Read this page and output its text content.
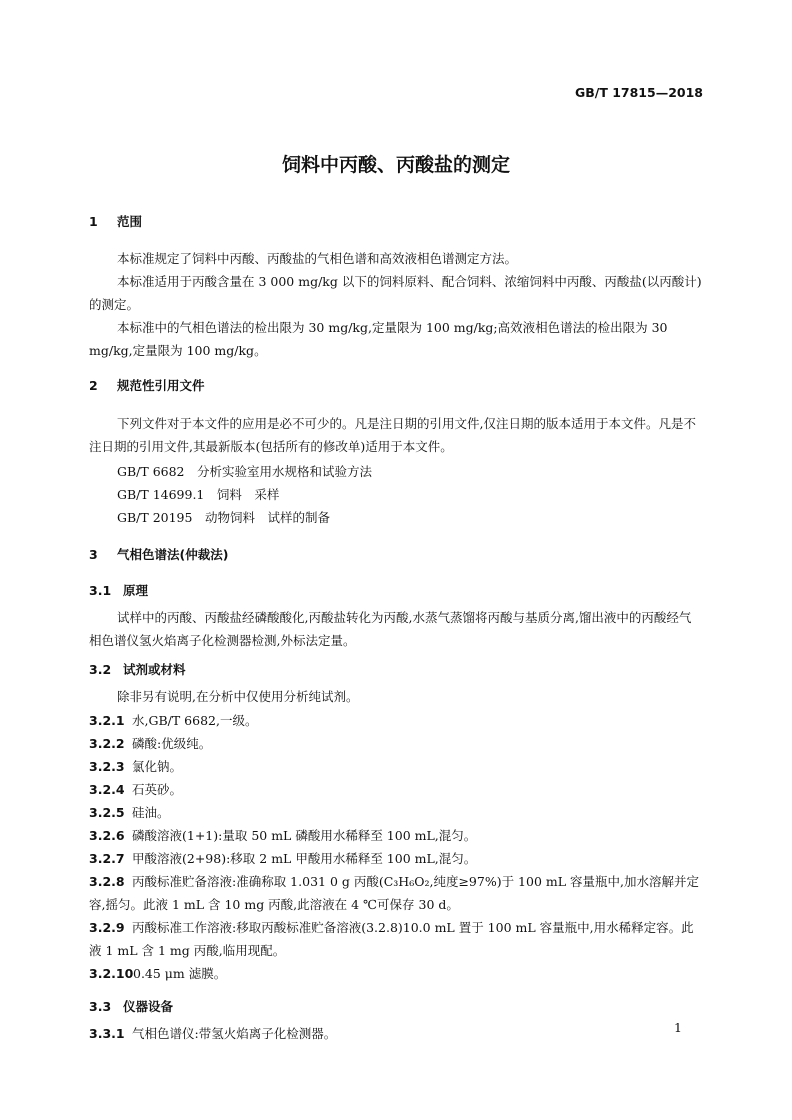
GB/T 17815—2018
饲料中丙酸、丙酸盐的测定
1 范围
本标准规定了饲料中丙酸、丙酸盐的气相色谱和高效液相色谱测定方法。
本标准适用于丙酸含量在 3 000 mg/kg 以下的饲料原料、配合饲料、浓缩饲料中丙酸、丙酸盐(以丙酸计)的测定。
本标准中的气相色谱法的检出限为 30 mg/kg,定量限为 100 mg/kg;高效液相色谱法的检出限为 30 mg/kg,定量限为 100 mg/kg。
2 规范性引用文件
下列文件对于本文件的应用是必不可少的。凡是注日期的引用文件,仅注日期的版本适用于本文件。凡是不注日期的引用文件,其最新版本(包括所有的修改单)适用于本文件。
GB/T 6682　分析实验室用水规格和试验方法
GB/T 14699.1　饲料　采样
GB/T 20195　动物饲料　试样的制备
3 气相色谱法(仲裁法)
3.1 原理
试样中的丙酸、丙酸盐经磷酸酸化,丙酸盐转化为丙酸,水蒸气蒸馏将丙酸与基质分离,馏出液中的丙酸经气相色谱仪氢火焰离子化检测器检测,外标法定量。
3.2 试剂或材料
除非另有说明,在分析中仅使用分析纯试剂。
3.2.1 水,GB/T 6682,一级。
3.2.2 磷酸:优级纯。
3.2.3 氯化钠。
3.2.4 石英砂。
3.2.5 硅油。
3.2.6 磷酸溶液(1+1):量取 50 mL 磷酸用水稀释至 100 mL,混匀。
3.2.7 甲酸溶液(2+98):移取 2 mL 甲酸用水稀释至 100 mL,混匀。
3.2.8 丙酸标准贮备溶液:准确称取 1.031 0 g 丙酸(C₃H₆O₂,纯度≥97%)于 100 mL 容量瓶中,加水溶解并定容,摇匀。此液 1 mL 含 10 mg 丙酸,此溶液在 4 ℃可保存 30 d。
3.2.9 丙酸标准工作溶液:移取丙酸标准贮备溶液(3.2.8)10.0 mL 置于 100 mL 容量瓶中,用水稀释定容。此液 1 mL 含 1 mg 丙酸,临用现配。
3.2.100.45 μm 滤膜。
3.3 仪器设备
3.3.1 气相色谱仪:带氢火焰离子化检测器。	1
